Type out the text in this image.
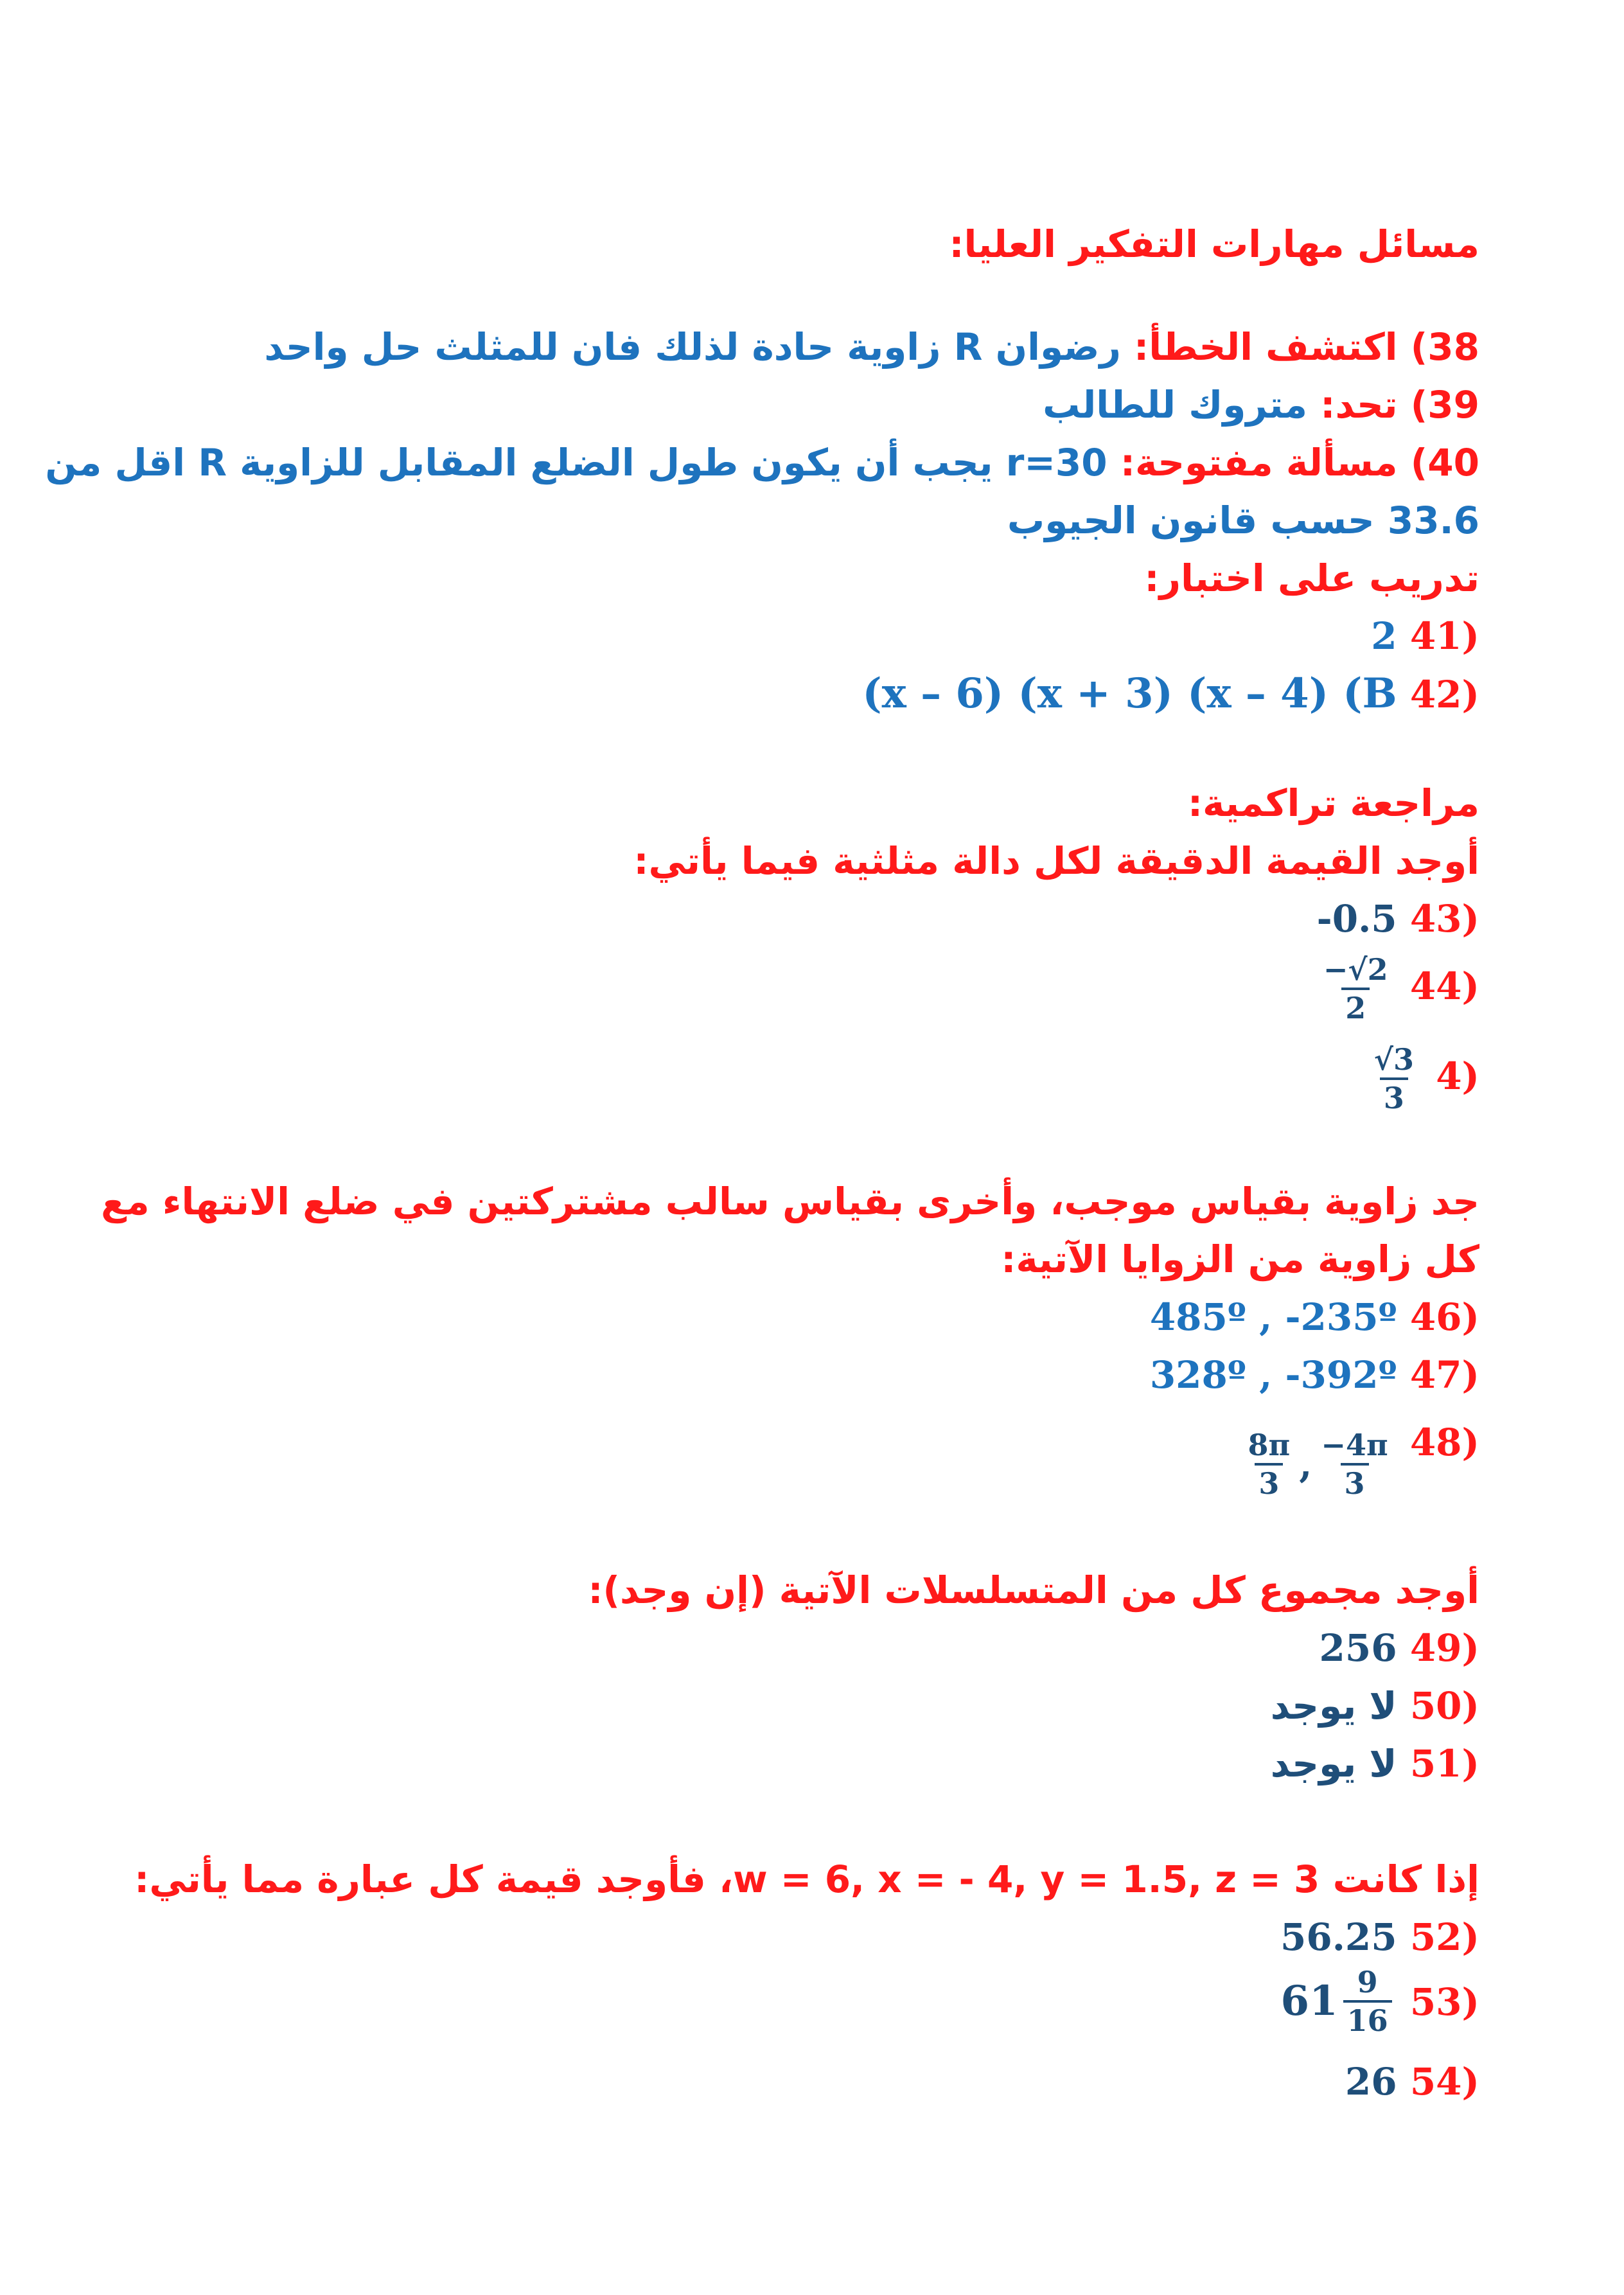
مسائل مهارات التفكير العليا:
38) اكتشف الخطأ: رضوان R زاوية حادة لذلك فان للمثلث حل واحد
39) تحد: متروك للطالب
40) مسألة مفتوحة: r=30 يجب أن يكون طول الضلع المقابل للزاوية R اقل من
33.6 حسب قانون الجيوب
تدريب على اختبار:
(41 2
(42 (x – 6) (x + 3) (x – 4) (B
مراجعة تراكمية:
أوجد القيمة الدقيقة لكل دالة مثلثية فيما يأتي:
(43 -0.5
(44
$\frac{-√2}{2}$
(4
$\frac{√3}{3}$
جد زاوية بقياس موجب، وأخرى بقياس سالب مشتركتين في ضلع الانتهاء مع
كل زاوية من الزوايا الآتية:
(46 485º , -235º
(47 328º , -392º
(48
$\frac{8\pi}{3}$ , $\frac{-4\pi}{3}$
أوجد مجموع كل من المتسلسلات الآتية (إن وجد):
(49 256
(50 لا يوجد
(51 لا يوجد
إذا كانت w = 6, x = - 4, y = 1.5, z = 3، فأوجد قيمة كل عبارة مما يأتي:
(52 56.25
(53
$61 \frac{9}{16}$
(54 26
